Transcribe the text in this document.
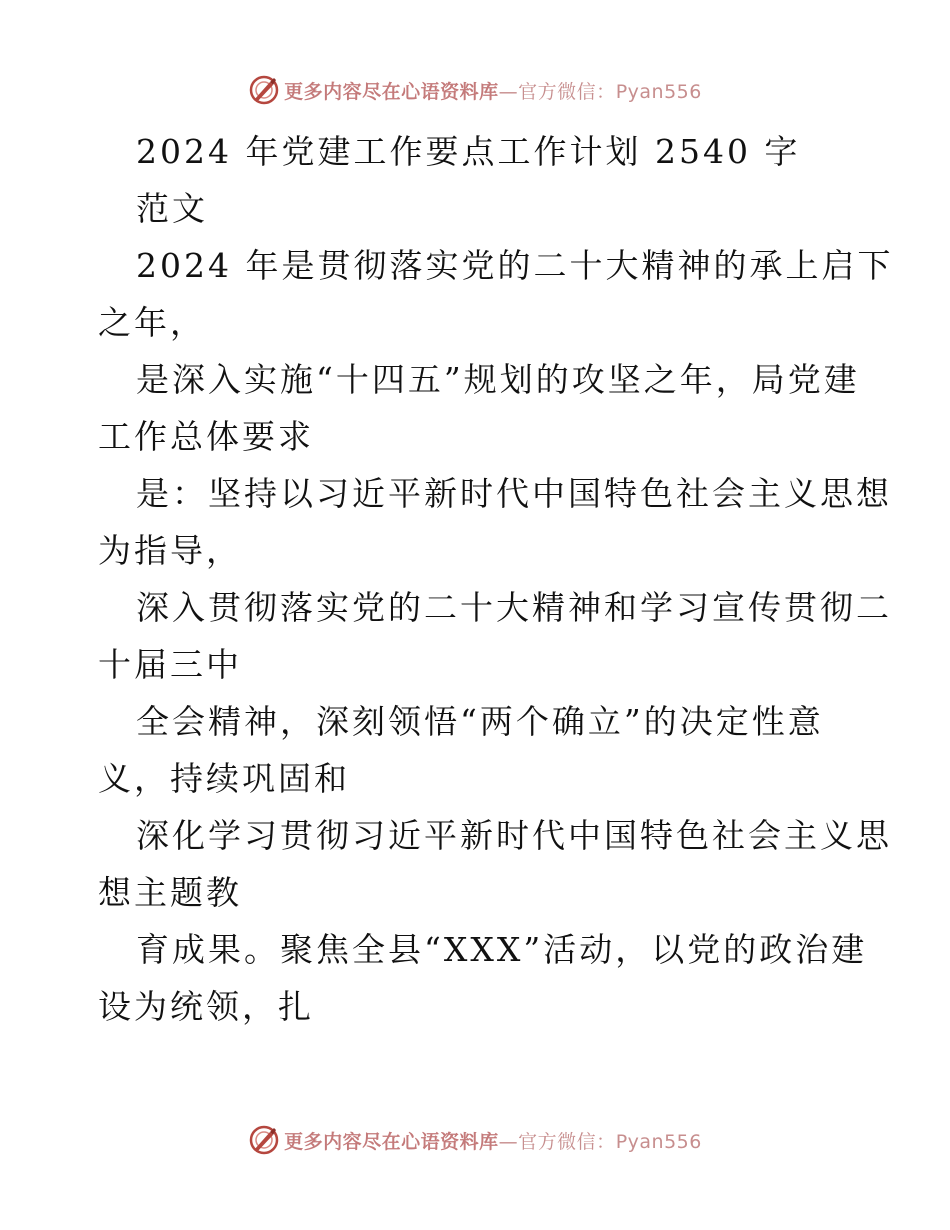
更多内容尽在心语资料库—官方微信：Pyan556
2024 年党建工作要点工作计划 2540 字
范文
2024 年是贯彻落实党的二十大精神的承上启下
之年，
是深入实施“十四五”规划的攻坚之年，局党建
工作总体要求
是：坚持以习近平新时代中国特色社会主义思想
为指导，
深入贯彻落实党的二十大精神和学习宣传贯彻二
十届三中
全会精神，深刻领悟“两个确立”的决定性意
义，持续巩固和
深化学习贯彻习近平新时代中国特色社会主义思
想主题教
育成果。聚焦全县“XXX”活动，以党的政治建
设为统领，扎
更多内容尽在心语资料库—官方微信：Pyan556
